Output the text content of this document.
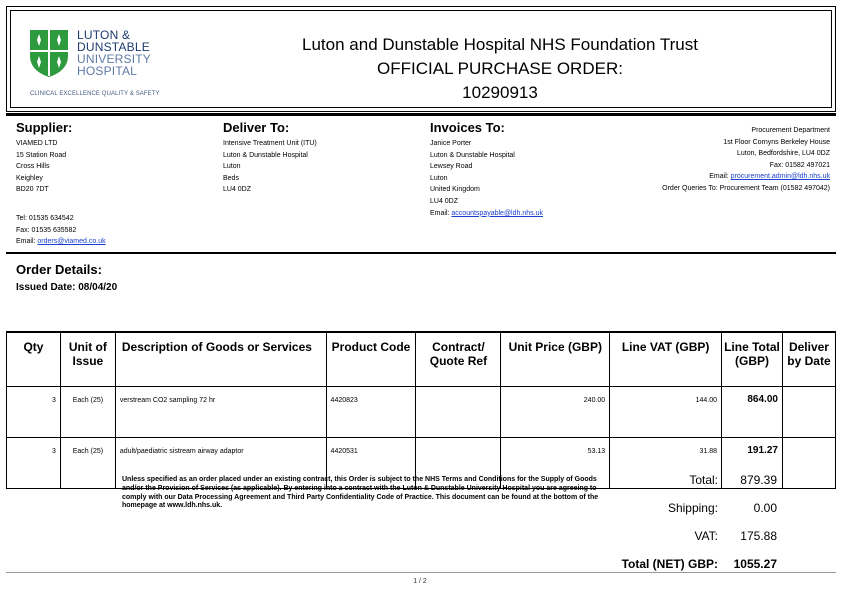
LUTON &
DUNSTABLE
UNIVERSITY
HOSPITAL
CLINICAL EXCELLENCE QUALITY & SAFETY
Luton and Dunstable Hospital NHS Foundation Trust
OFFICIAL PURCHASE ORDER:
10290913
Supplier:
VIAMED LTD
15 Station Road
Cross Hills
Keighley
BD20 7DT
Tel: 01535 634542
Fax: 01535 635582
Email: orders@viamed.co.uk
Deliver To:
Intensive Treatment Unit (ITU)
Luton & Dunstable Hospital
Luton
Beds
LU4 0DZ
Invoices To:
Janice Porter
Luton & Dunstable Hospital
Lewsey Road
Luton
United Kingdom
LU4 0DZ
Email: accountspayable@ldh.nhs.uk
Procurement Department
1st Floor Cornyns Berkeley House
Luton, Bedfordshire, LU4 0DZ
Fax: 01582 497021
Email: procurement.admin@ldh.nhs.uk
Order Queries To: Procurement Team (01582 497042)
Order Details:
Issued Date: 08/04/20
Qty	Unit of Issue	Description of Goods or Services	Product Code	Contract/ Quote Ref	Unit Price (GBP)	Line VAT (GBP)	Line Total (GBP)	Deliver by Date
3	Each (25)	verstream CO2 sampling 72 hr	4420823		240.00	144.00	864.00	
3	Each (25)	adult/paediatric sistream airway adaptor	4420531		53.13	31.88	191.27	
Unless specified as an order placed under an existing contract, this Order is subject to the NHS Terms and Conditions for the Supply of Goods and/or the Provision of Services (as applicable). By entering into a contract with the Luton & Dunstable University Hospital you are agreeing to comply with our Data Processing Agreement and Third Party Confidentiality Code of Practice. This document can be found at the bottom of the homepage at www.ldh.nhs.uk.
Total:	879.39
Shipping:	0.00
VAT:	175.88
Total (NET) GBP:	1055.27
1 / 2
